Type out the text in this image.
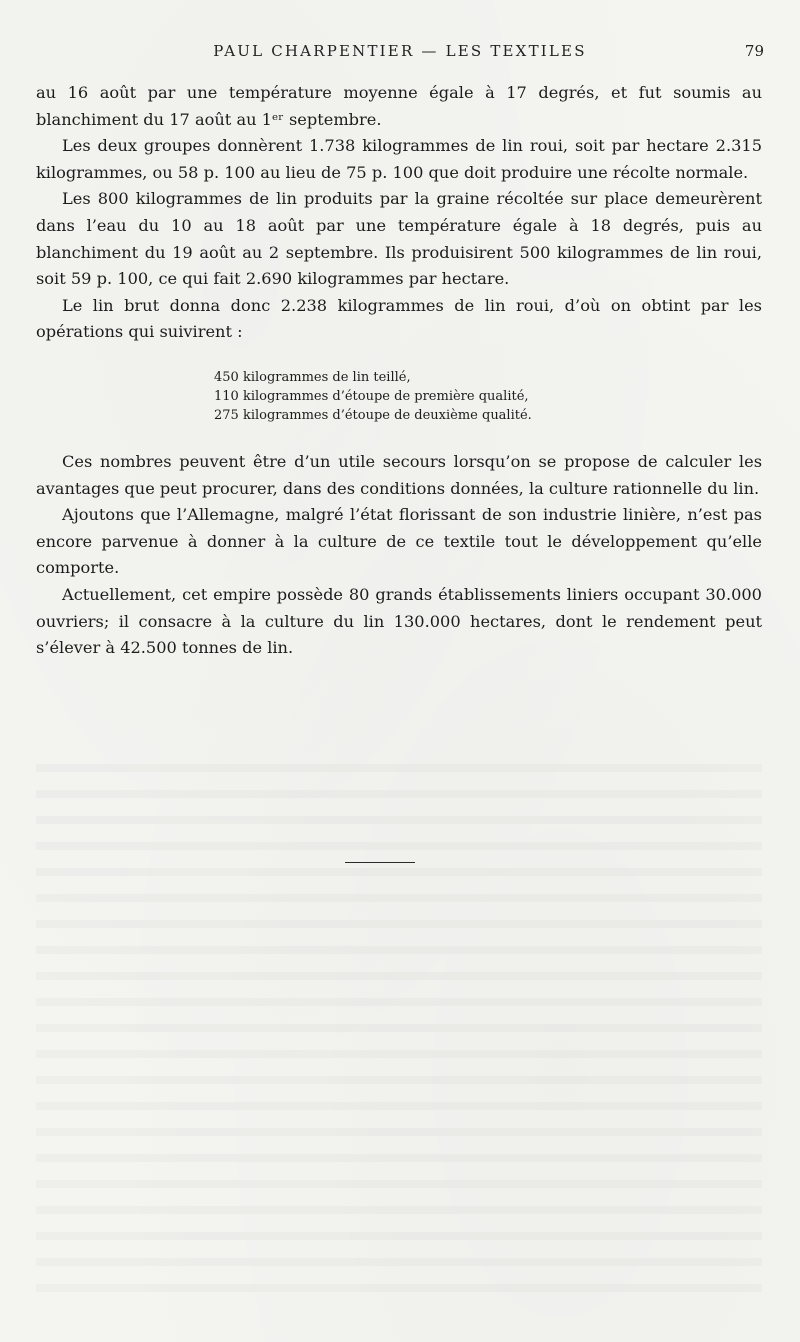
PAUL CHARPENTIER — LES TEXTILES	79

au 16 août par une température moyenne égale à 17 degrés, et fut soumis au blanchiment du 17 août au 1ᵉʳ septembre.

Les deux groupes donnèrent 1.738 kilogrammes de lin roui, soit par hectare 2.315 kilogrammes, ou 58 p. 100 au lieu de 75 p. 100 que doit produire une récolte normale.

Les 800 kilogrammes de lin produits par la graine récoltée sur place demeurèrent dans l’eau du 10 au 18 août par une température égale à 18 degrés, puis au blanchiment du 19 août au 2 septembre. Ils produisirent 500 kilogrammes de lin roui, soit 59 p. 100, ce qui fait 2.690 kilogrammes par hectare.

Le lin brut donna donc 2.238 kilogrammes de lin roui, d’où on obtint par les opérations qui suivirent :

450 kilogrammes de lin teillé,
110 kilogrammes d’étoupe de première qualité,
275 kilogrammes d’étoupe de deuxième qualité.

Ces nombres peuvent être d’un utile secours lorsqu’on se propose de calculer les avantages que peut procurer, dans des conditions données, la culture rationnelle du lin.

Ajoutons que l’Allemagne, malgré l’état florissant de son industrie linière, n’est pas encore parvenue à donner à la culture de ce textile tout le développement qu’elle comporte.

Actuellement, cet empire possède 80 grands établissements liniers occupant 30.000 ouvriers; il consacre à la culture du lin 130.000 hectares, dont le rendement peut s’élever à 42.500 tonnes de lin.
